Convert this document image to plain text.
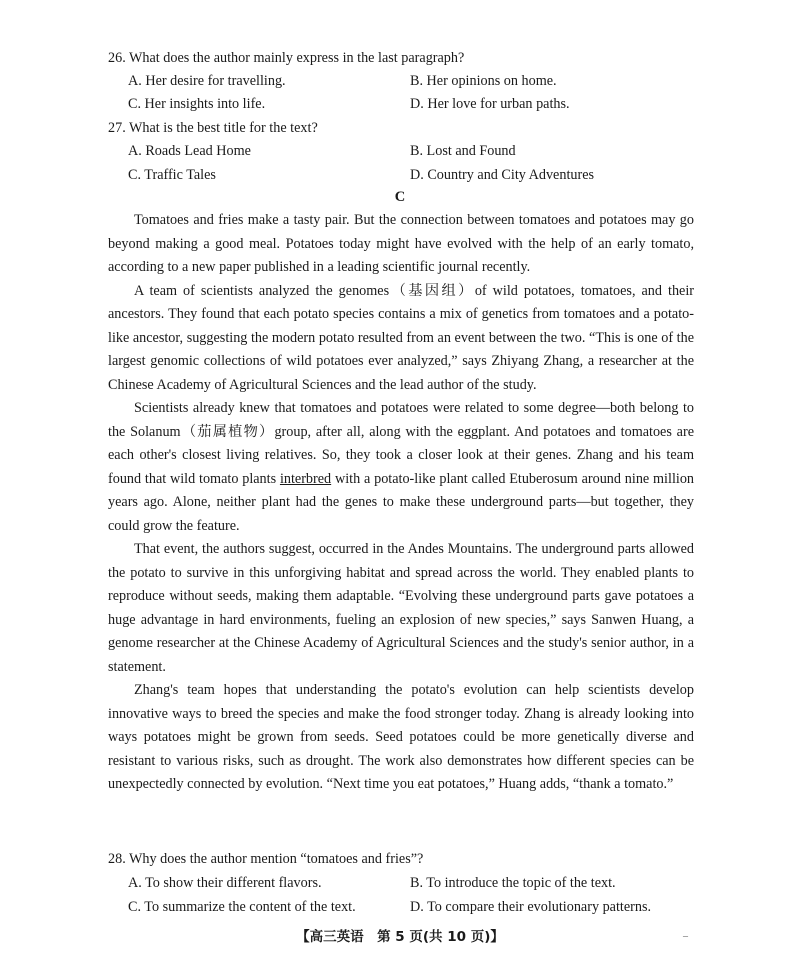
26. What does the author mainly express in the last paragraph?
A. Her desire for travelling.	B. Her opinions on home.
C. Her insights into life.	D. Her love for urban paths.
27. What is the best title for the text?
A. Roads Lead Home	B. Lost and Found
C. Traffic Tales	D. Country and City Adventures
C

Tomatoes and fries make a tasty pair. But the connection between tomatoes and potatoes may go beyond making a good meal. Potatoes today might have evolved with the help of an early tomato, according to a new paper published in a leading scientific journal recently.

A team of scientists analyzed the genomes（基因组）of wild potatoes, tomatoes, and their ancestors. They found that each potato species contains a mix of genetics from tomatoes and a potato-like ancestor, suggesting the modern potato resulted from an event between the two. “This is one of the largest genomic collections of wild potatoes ever analyzed,” says Zhiyang Zhang, a researcher at the Chinese Academy of Agricultural Sciences and the lead author of the study.

Scientists already knew that tomatoes and potatoes were related to some degree—both belong to the Solanum（茄属植物）group, after all, along with the eggplant. And potatoes and tomatoes are each other's closest living relatives. So, they took a closer look at their genes. Zhang and his team found that wild tomato plants interbred with a potato-like plant called Etuberosum around nine million years ago. Alone, neither plant had the genes to make these underground parts—but together, they could grow the feature.

That event, the authors suggest, occurred in the Andes Mountains. The underground parts allowed the potato to survive in this unforgiving habitat and spread across the world. They enabled plants to reproduce without seeds, making them adaptable. “Evolving these underground parts gave potatoes a huge advantage in hard environments, fueling an explosion of new species,” says Sanwen Huang, a genome researcher at the Chinese Academy of Agricultural Sciences and the study's senior author, in a statement.

Zhang's team hopes that understanding the potato's evolution can help scientists develop innovative ways to breed the species and make the food stronger today. Zhang is already looking into ways potatoes might be grown from seeds. Seed potatoes could be more genetically diverse and resistant to various risks, such as drought. The work also demonstrates how different species can be unexpectedly connected by evolution. “Next time you eat potatoes,” Huang adds, “thank a tomato.”

28. Why does the author mention “tomatoes and fries”?
A. To show their different flavors.	B. To introduce the topic of the text.
C. To summarize the content of the text.	D. To compare their evolutionary patterns.
【高三英语　第 5 页(共 10 页)】	–
